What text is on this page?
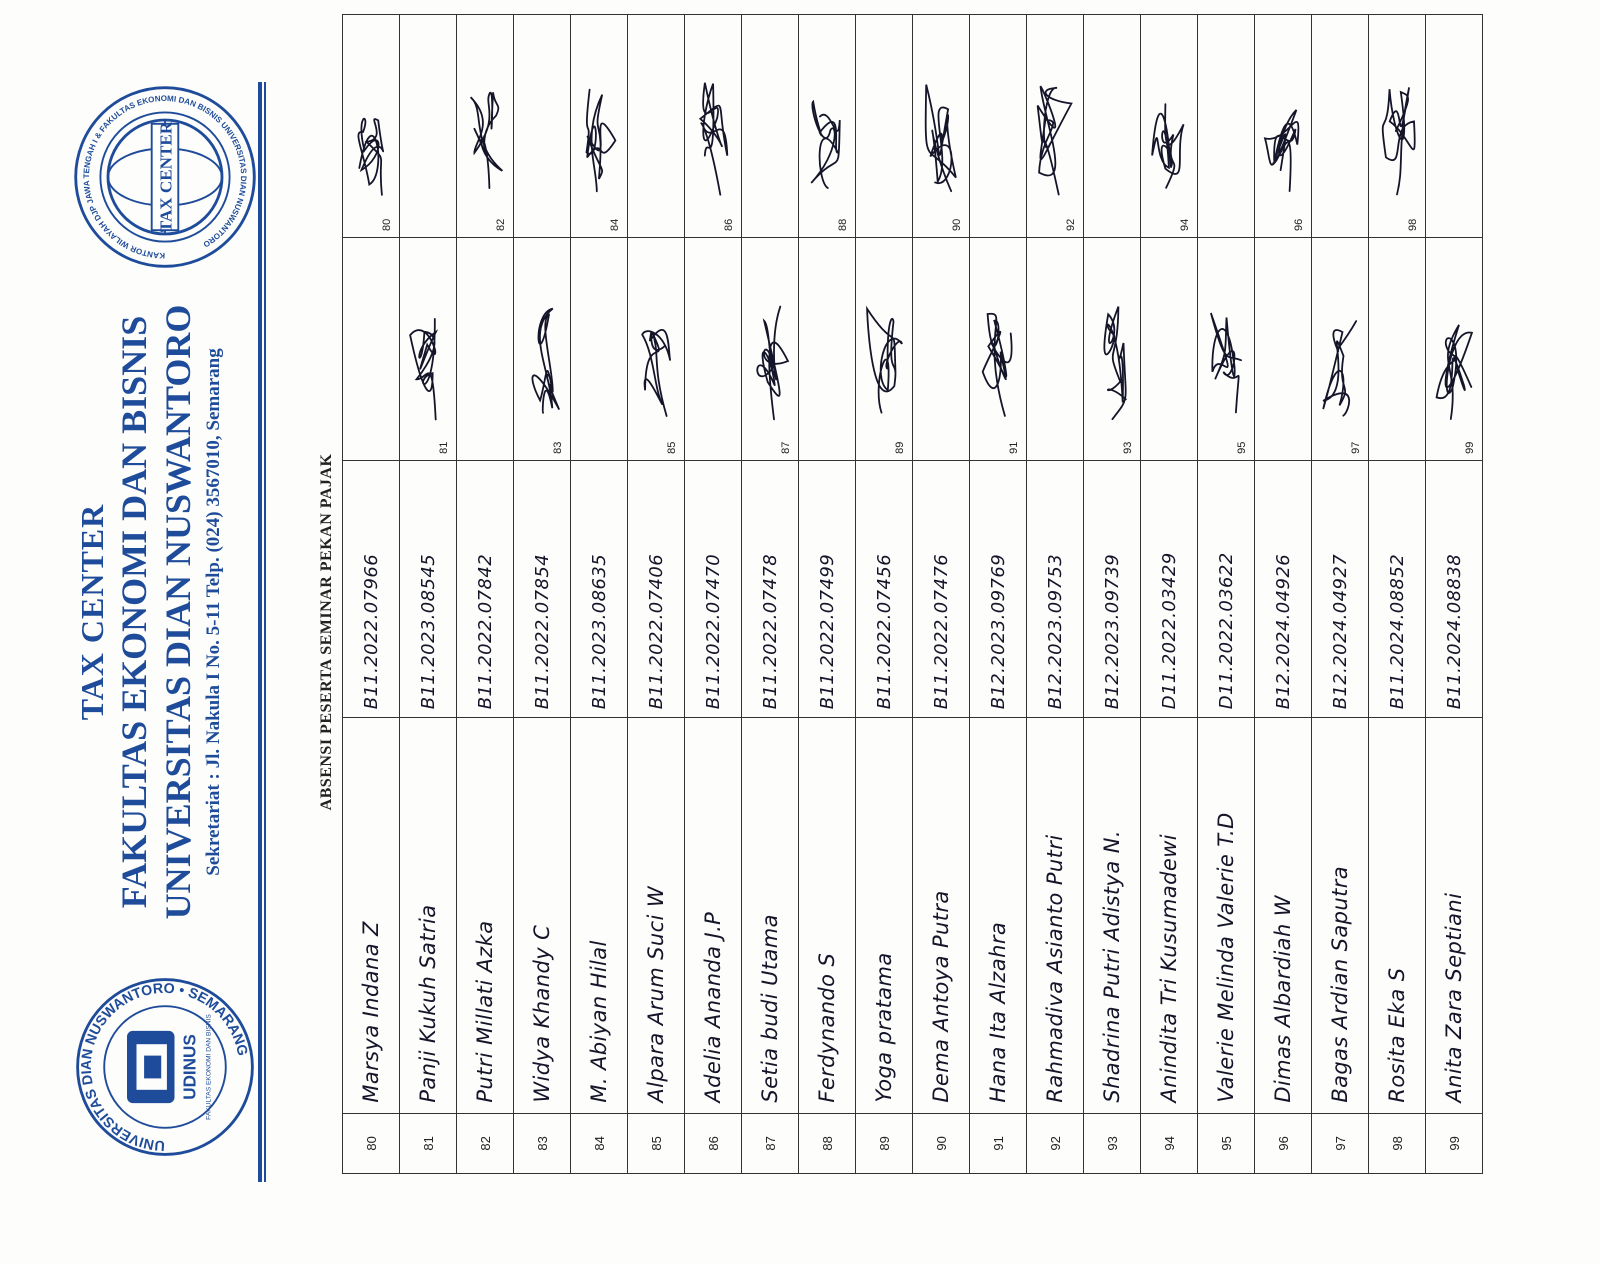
UNIVERSITAS DIAN NUSWANTORO • SEMARANG
UDINUS FAKULTAS EKONOMI DAN BISNIS
TAX CENTER FAKULTAS EKONOMI DAN BISNIS UNIVERSITAS DIAN NUSWANTORO Sekretariat : Jl. Nakula I No. 5-11 Telp. (024) 3567010, Semarang
KANTOR WILAYAH DJP JAWA TENGAH I & FAKULTAS EKONOMI DAN BISNIS UNIVERSITAS DIAN NUSWANTORO
TAX CENTER
ABSENSI PESERTA SEMINAR PEKAN PAJAK
80	Marsya Indana Z	B11.2022.07966		80

81	Panji Kukuh Satria	B11.2023.08545	81	

82	Putri Millati Azka	B11.2022.07842		82

83	Widya Khandy C	B11.2022.07854	83	

84	M. Abiyan Hilal	B11.2023.08635		84

85	Alpara Arum Suci W	B11.2022.07406	85	

86	Adelia Ananda J.P	B11.2022.07470		86

87	Setia budi Utama	B11.2022.07478	87	

88	Ferdynando S	B11.2022.07499		88

89	Yoga pratama	B11.2022.07456	89	

90	Dema Antoya Putra	B11.2022.07476		90

91	Hana Ita Alzahra	B12.2023.09769	91	

92	Rahmadiva Asianto Putri	B12.2023.09753		92

93	Shadrina Putri Adistya N.	B12.2023.09739	93	

94	Anindita Tri Kusumadewi	D11.2022.03429		94

95	Valerie Melinda Valerie T.D	D11.2022.03622	95	

96	Dimas Albardiah W	B12.2024.04926		96

97	Bagas Ardian Saputra	B12.2024.04927	97	

98	Rosita Eka S	B11.2024.08852		98

99	Anita Zara Septiani	B11.2024.08838	99	
